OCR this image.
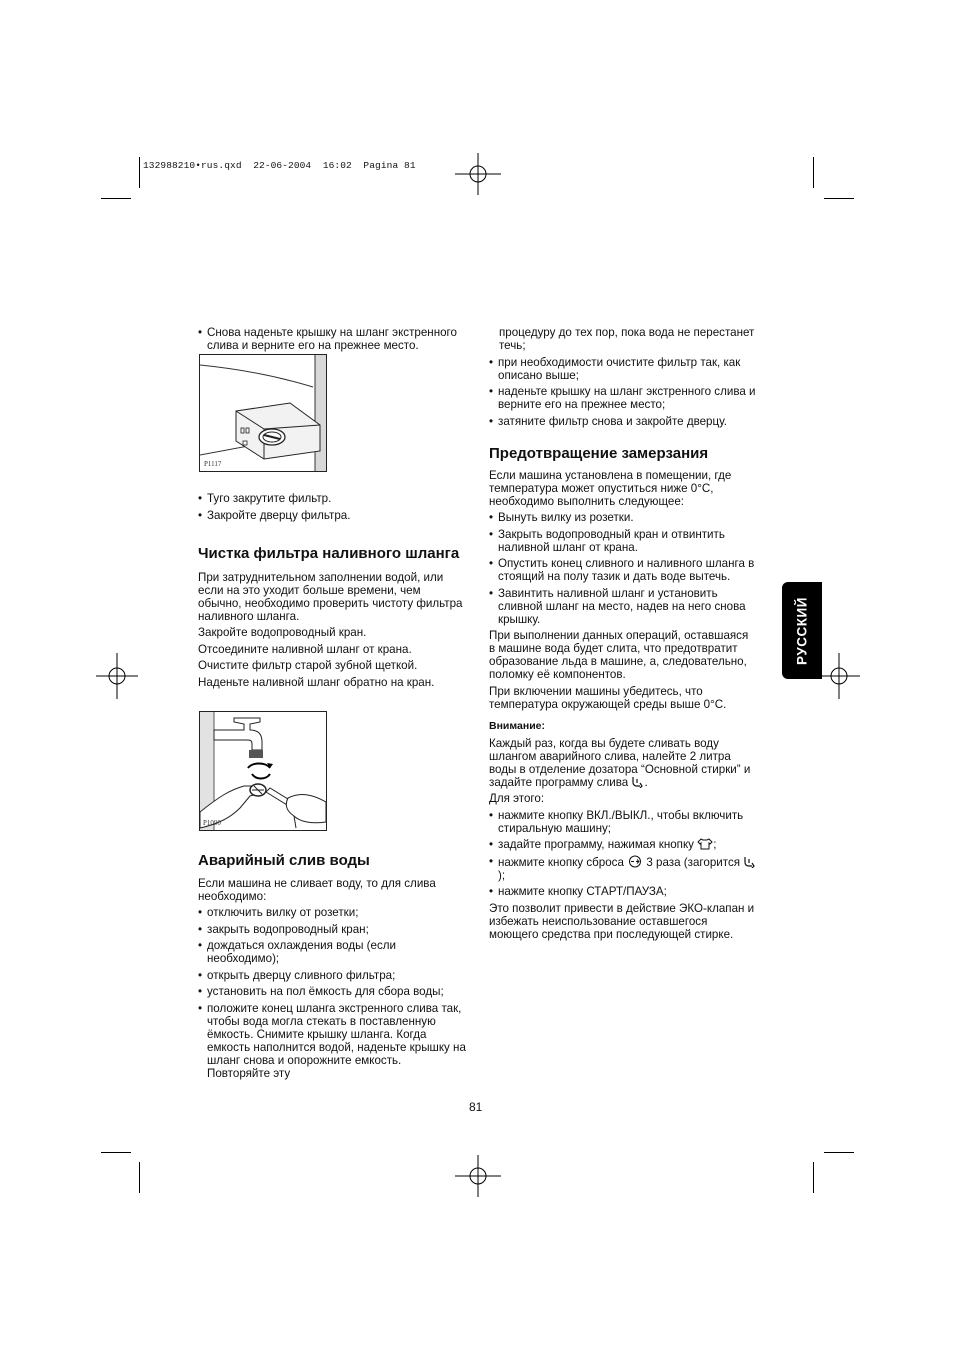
132988210•rus.qxd  22-06-2004  16:02  Pagina 81
РУССКИЙ
• Снова наденьте крышку на шланг экстренного слива и верните его на прежнее место.
P1117
• Туго закрутите фильтр.
• Закройте дверцу фильтра.
Чистка фильтра наливного шланга

При затруднительном заполнении водой, или если на это уходит больше времени, чем обычно, необходимо проверить чистоту фильтра наливного шланга.

Закройте водопроводный кран.

Отсоедините наливной шланг от крана.

Очистите фильтр старой зубной щеткой.

Наденьте наливной шланг обратно на кран.

P1090
Аварийный слив воды

Если машина не сливает воду, то для слива необходимо:

• отключить вилку от розетки;
• закрыть водопроводный кран;
• дождаться охлаждения воды (если необходимо);
• открыть дверцу сливного фильтра;
• установить на пол ёмкость для сбора воды;
• положите конец шланга экстренного слива так, чтобы вода могла стекать в поставленную ёмкость. Снимите крышку шланга. Когда емкость наполнится водой, наденьте крышку на шланг снова и опорожните емкость. Повторяйте эту

процедуру до тех пор, пока вода не перестанет течь;

• при необходимости очистите фильтр так, как описано выше;
• наденьте крышку на шланг экстренного слива и верните его на прежнее место;
• затяните фильтр снова и закройте дверцу.
Предотвращение замерзания

Если машина установлена в помещении, где температура может опуститься ниже 0°C, необходимо выполнить следующее:

• Вынуть вилку из розетки.
• Закрыть водопроводный кран и отвинтить наливной шланг от крана.
• Опустить конец сливного и наливного шланга в стоящий на полу тазик и дать воде вытечь.
• Завинтить наливной шланг и установить сливной шланг на место, надев на него снова крышку.

При выполнении данных операций, оставшаяся в машине вода будет слита, что предотвратит образование льда в машине, а, следовательно, поломку её компонентов.

При включении машины убедитесь, что температура окружающей среды выше 0°C.

Внимание:

Каждый раз, когда вы будете сливать воду шлангом аварийного слива, налейте 2 литра воды в отделение дозатора “Основной стирки” и задайте программу слива .

Для этого:

• нажмите кнопку ВКЛ./ВЫКЛ., чтобы включить стиральную машину;
• задайте программу, нажимая кнопку ;
• нажмите кнопку сброса 3 раза (загорится );
• нажмите кнопку СТАРТ/ПАУЗА;

Это позволит привести в действие ЭКО-клапан и избежать неиспользование оставшегося моющего средства при последующей стирке.

81
